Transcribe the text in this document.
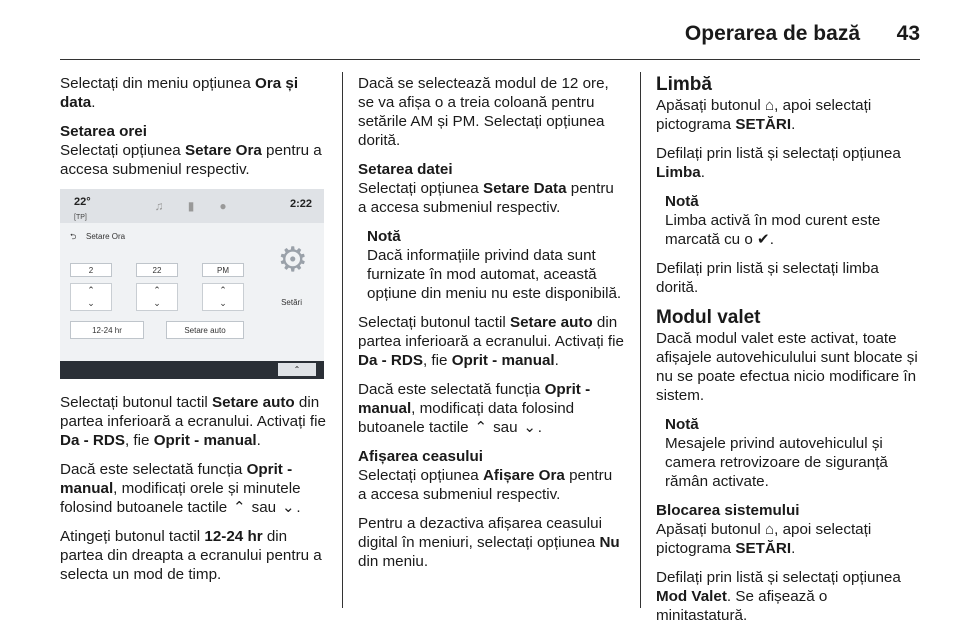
Operarea de bază 43

Selectați din meniu opțiunea Ora și data.

Setarea orei

Selectați opțiunea Setare Ora pentru a accesa submeniul respectiv.

22°
[TP]
♫	▮	●	2:22
⮌ Setare Ora
2	22	PM
⌃
⌄
⌃
⌄
⌃
⌄
12-24 hr	Setare auto
⚙
Setări
⌃

Selectați butonul tactil Setare auto din partea inferioară a ecranului. Activați fie Da - RDS, fie Oprit - manual.

Dacă este selectată funcția Oprit - manual, modificați orele și minutele folosind butoanele tactile ⌃ sau ⌄ .

Atingeți butonul tactil 12-24 hr din partea din dreapta a ecranului pentru a selecta un mod de timp.

Dacă se selectează modul de 12 ore, se va afișa o a treia coloană pentru setările AM și PM. Selectați opțiunea dorită.

Setarea datei

Selectați opțiunea Setare Data pentru a accesa submeniul respectiv.

Notă
Dacă informațiile privind data sunt furnizate în mod automat, această opțiune din meniu nu este disponibilă.

Selectați butonul tactil Setare auto din partea inferioară a ecranului. Activați fie Da - RDS, fie Oprit - manual.

Dacă este selectată funcția Oprit - manual, modificați data folosind butoanele tactile ⌃ sau ⌄ .

Afișarea ceasului

Selectați opțiunea Afișare Ora pentru a accesa submeniul respectiv.

Pentru a dezactiva afișarea ceasului digital în meniuri, selectați opțiunea Nu din meniu.

Limbă

Apăsați butonul ⌂, apoi selectați pictograma SETĂRI.

Defilați prin listă și selectați opțiunea Limba.

Notă
Limba activă în mod curent este marcată cu o ✔.

Defilați prin listă și selectați limba dorită.

Modul valet

Dacă modul valet este activat, toate afișajele autovehiculului sunt blocate și nu se poate efectua nicio modificare în sistem.

Notă
Mesajele privind autovehiculul și camera retrovizoare de siguranță rămân activate.
Blocarea sistemului

Apăsați butonul ⌂, apoi selectați pictograma SETĂRI.

Defilați prin listă și selectați opțiunea Mod Valet. Se afișează o minitastatură.
